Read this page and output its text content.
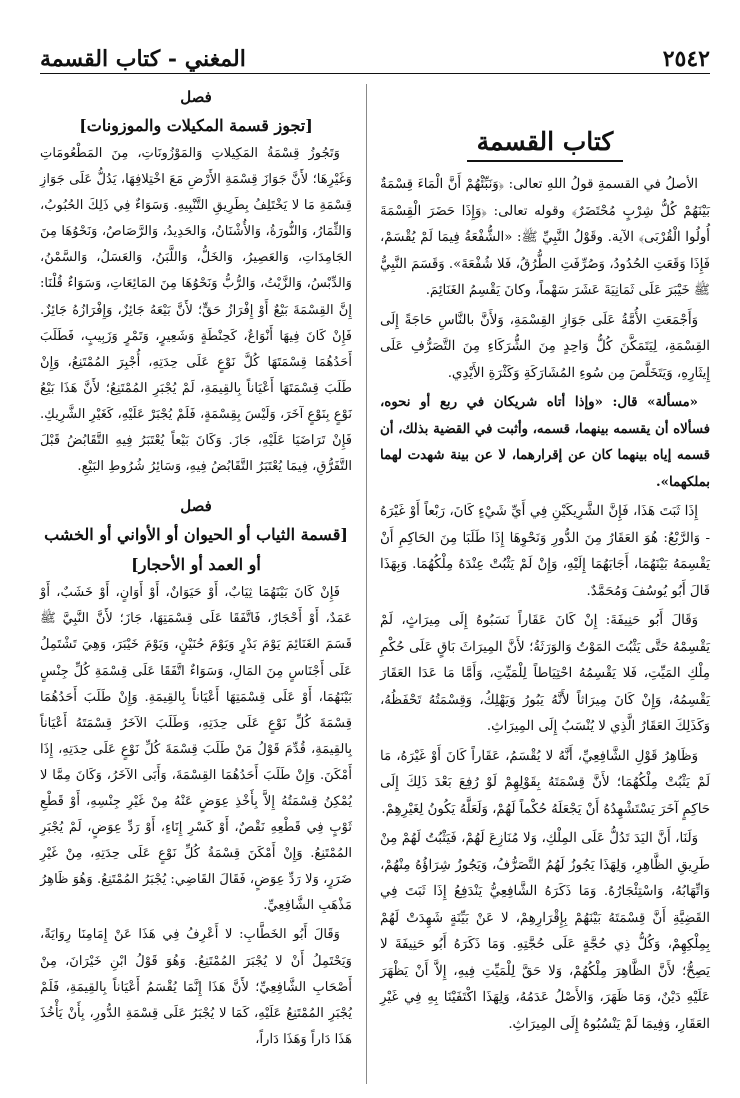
٢٥٤٢
المغني - كتاب القسمة
كتاب القسمة

الأصلُ في القسمةِ قولُ اللهِ تعالى: ﴿وَنَبِّئْهُمْ أَنَّ الْمَاءَ قِسْمَةٌ بَيْنَهُمْ كُلُّ شِرْبٍ مُحْتَضَرٌ﴾ وقوله تعالى: ﴿وَإِذَا حَضَرَ الْقِسْمَةَ أُولُوا الْقُرْبَى﴾ الآية. وقَوْلُ النَّبِيِّ ﷺ: «الشُّفْعَةُ فِيمَا لَمْ يُقْسَمْ، فَإِذَا وَقَعَتِ الحُدُودُ، وَصُرِّفَتِ الطُّرُقُ، فَلا شُفْعَةَ». وَقَسَمَ النَّبِيُّ ﷺ خَيْبَرَ عَلَى ثَمَانِيَةَ عَشَرَ سَهْماً، وكانَ يَقْسِمُ الغَنَائِمَ.

وَأَجْمَعَتِ الأُمَّةُ عَلَى جَوَازِ القِسْمَةِ، وَلأَنَّ بالنَّاسِ حَاجَةً إِلَى القِسْمَةِ، لِيَتَمَكَّنَ كُلُّ وَاحِدٍ مِنَ الشُّرَكَاءِ مِنَ التَّصَرُّفِ عَلَى إِيثَارِهِ، وَيَتَخَلَّصَ مِن سُوءِ المُشَارَكَةِ وَكَثْرَةِ الأَيْدِي.

«مسألة» قال: «وإذا أتاه شريكان في ربع أو نحوه، فسألاه أن يقسمه بينهما، قسمه، وأثبت في القضية بذلك، أن قسمه إياه بينهما كان عن إقرارهما، لا عن بينة شهدت لهما بملكهما».

إِذَا ثَبَتَ هَذَا، فَإِنَّ الشَّرِيكَيْنِ فِي أَيِّ شَيْءٍ كَانَ، رَبْعاً أَوْ غَيْرَهُ - وَالرَّبْعُ: هُوَ العَقَارُ مِنَ الدُّورِ وَنَحْوِهَا إِذَا طَلَبَا مِنَ الحَاكِمِ أَنْ يَقْسِمَهُ بَيْنَهُمَا، أَجَابَهُمَا إِلَيْهِ، وَإِنْ لَمْ يَثْبُتْ عِنْدَهُ مِلْكُهُمَا. وَبِهَذَا قَالَ أَبُو يُوسُفَ وَمُحَمَّدٌ.

وَقَالَ أَبُو حَنِيفَةَ: إِنْ كَانَ عَقَاراً نَسَبُوهُ إِلَى مِيرَاثٍ، لَمْ يَقْسِمْهُ حَتَّى يَثْبُتَ المَوْتُ وَالوَرَثَةُ؛ لأَنَّ المِيرَاثَ بَاقٍ عَلَى حُكْمِ مِلْكِ المَيِّتِ، فَلا يَقْسِمُهُ احْتِيَاطاً لِلْمَيِّتِ، وَأَمَّا مَا عَدَا العَقَارَ يَقْسِمُهُ، وَإِنْ كَانَ مِيرَاثاً لأَنَّهُ يَبُورُ وَيَهْلِكُ، وَقِسْمَتُهُ تَحْفَظُهُ، وَكَذَلِكَ العَقَارُ الَّذِي لا يُنْسَبُ إِلَى المِيرَاثِ.

وَظَاهِرُ قَوْلِ الشَّافِعِيِّ، أَنَّهُ لا يُقْسَمُ، عَقَاراً كَانَ أَوْ غَيْرَهُ، مَا لَمْ يَثْبُتْ مِلْكُهُمَا؛ لأَنَّ قِسْمَتَهُ بِقَوْلِهِمْ لَوْ رُفِعَ بَعْدَ ذَلِكَ إِلَى حَاكِمٍ آخَرَ يَسْتَشْهِدُهُ أَنْ يَجْعَلَهُ حُكْماً لَهُمْ، وَلَعَلَّهُ يَكُونُ لِغَيْرِهِمْ.

وَلَنَا، أَنَّ اليَدَ تَدُلُّ عَلَى المِلْكِ، وَلا مُنَازِعَ لَهُمْ، فَيَثْبُتُ لَهُمْ مِنْ طَرِيقِ الظَّاهِرِ، وَلِهَذَا يَجُوزُ لَهُمُ التَّصَرُّفُ، وَيَجُوزُ شِرَاؤُهُ مِنْهُمْ، وَاتِّهَابُهُ، وَاسْتِئْجَارُهُ. وَمَا ذَكَرَهُ الشَّافِعِيُّ يَنْدَفِعُ إِذَا ثَبَتَ فِي القَضِيَّةِ أَنَّ قِسْمَتَهُ بَيْنَهُمْ بِإِقْرَارِهِمْ، لا عَنْ بَيِّنَةٍ شَهِدَتْ لَهُمْ بِمِلْكِهِمْ، وَكُلُّ ذِي حُجَّةٍ عَلَى حُجَّتِهِ. وَمَا ذَكَرَهُ أَبُو حَنِيفَةَ لا يَصِحُّ؛ لأَنَّ الظَّاهِرَ مِلْكُهُمْ، وَلا حَقَّ لِلْمَيِّتِ فِيهِ، إِلاَّ أَنْ يَظْهَرَ عَلَيْهِ دَيْنٌ، وَمَا ظَهَرَ، وَالأَصْلُ عَدَمُهُ، وَلِهَذَا اكْتَفَيْنَا بِهِ فِي غَيْرِ العَقَارِ، وَفِيمَا لَمْ يَنْسُبُوهُ إِلَى المِيرَاثِ.

فصل
[تجوز قسمة المكيلات والموزونات]

وَتَجُوزُ قِسْمَةُ المَكِيلاتِ وَالمَوْزُونَاتِ، مِنَ المَطْعُومَاتِ وَغَيْرِهَا؛ لأَنَّ جَوَازَ قِسْمَةِ الأَرْضِ مَعَ اخْتِلافِهَا، يَدُلُّ عَلَى جَوَازِ قِسْمَةِ مَا لا يَخْتَلِفُ بِطَرِيقِ التَّنْبِيهِ. وَسَوَاءٌ فِي ذَلِكَ الحُبُوبُ، وَالثِّمَارُ، وَالنُّورَةُ، وَالأُشْنَانُ، وَالحَدِيدُ، وَالرَّصَاصُ، وَنَحْوُهَا مِنَ الجَامِدَاتِ، وَالعَصِيرُ، وَالخَلُّ، وَاللَّبَنُ، وَالعَسَلُ، وَالسَّمْنُ، وَالدِّبْسُ، وَالزَّيْتُ، وَالرُّبُّ وَنَحْوُهَا مِنَ المَائِعَاتِ، وَسَوَاءٌ قُلْنَا: إِنَّ القِسْمَةَ بَيْعٌ أَوْ إِفْرَازُ حَقٍّ؛ لأَنَّ بَيْعَهُ جَائِزٌ، وَإِفْرَازُهُ جَائِزٌ. فَإِنْ كَانَ فِيهَا أَنْوَاعٌ، كَحِنْطَةٍ وَشَعِيرٍ، وَتَمْرٍ وَزَبِيبٍ، فَطَلَبَ أَحَدُهُمَا قِسْمَتَهَا كُلَّ نَوْعٍ عَلَى حِدَتِهِ، أُجْبِرَ المُمْتَنِعُ، وَإِنْ طَلَبَ قِسْمَتَهَا أَعْيَاناً بِالقِيمَةِ، لَمْ يُجْبَرِ المُمْتَنِعُ؛ لأَنَّ هَذَا بَيْعُ نَوْعٍ بِنَوْعٍ آخَرَ، وَلَيْسَ بِقِسْمَةٍ، فَلَمْ يُجْبَرْ عَلَيْهِ، كَغَيْرِ الشَّرِيكِ. فَإِنْ تَرَاضَيَا عَلَيْهِ، جَازَ. وَكَانَ بَيْعاً يُعْتَبَرُ فِيهِ التَّقَابُضُ قَبْلَ التَّفَرُّقِ، فِيمَا يُعْتَبَرُ التَّقَابُضُ فِيهِ، وَسَائِرُ شُرُوطِ البَيْعِ.

فصل
[قسمة الثياب أو الحيوان أو الأواني أو الخشب
أو العمد أو الأحجار]

فَإِنْ كَانَ بَيْنَهُمَا ثِيَابٌ، أَوْ حَيَوَانٌ، أَوْ أَوَانٍ، أَوْ خَشَبٌ، أَوْ عَمَدٌ، أَوْ أَحْجَارٌ، فَاتَّفَقَا عَلَى قِسْمَتِهَا، جَازَ؛ لأَنَّ النَّبِيَّ ﷺ قَسَمَ الغَنَائِمَ يَوْمَ بَدْرٍ وَيَوْمَ حُنَيْنٍ، وَيَوْمَ خَيْبَرَ، وَهِيَ تَشْتَمِلُ عَلَى أَجْنَاسٍ مِنَ المَالِ، وَسَوَاءٌ اتَّفَقَا عَلَى قِسْمَةِ كُلِّ جِنْسٍ بَيْنَهُمَا، أَوْ عَلَى قِسْمَتِهَا أَعْيَاناً بِالقِيمَةِ. وَإِنْ طَلَبَ أَحَدُهُمَا قِسْمَةَ كُلِّ نَوْعٍ عَلَى حِدَتِهِ، وَطَلَبَ الآخَرُ قِسْمَتَهُ أَعْيَاناً بِالقِيمَةِ، قُدِّمَ قَوْلُ مَنْ طَلَبَ قِسْمَةَ كُلِّ نَوْعٍ عَلَى حِدَتِهِ، إِذَا أَمْكَنَ. وَإِنْ طَلَبَ أَحَدُهُمَا القِسْمَةَ، وَأَبَى الآخَرُ، وَكَانَ مِمَّا لا يُمْكِنُ قِسْمَتُهُ إِلاَّ بِأَخْذِ عِوَضٍ عَنْهُ مِنْ غَيْرِ جِنْسِهِ، أَوْ قَطْعِ ثَوْبٍ فِي قَطْعِهِ نَقْصٌ، أَوْ كَسْرِ إِنَاءٍ، أَوْ رَدِّ عِوَضٍ، لَمْ يُجْبَرِ المُمْتَنِعُ. وَإِنْ أَمْكَنَ قِسْمَةُ كُلِّ نَوْعٍ عَلَى حِدَتِهِ، مِنْ غَيْرِ ضَرَرٍ، وَلا رَدِّ عِوَضٍ، فَقَالَ القَاضِي: يُجْبَرُ المُمْتَنِعُ. وَهُوَ ظَاهِرُ مَذْهَبِ الشَّافِعِيِّ.

وَقَالَ أَبُو الخَطَّابِ: لا أَعْرِفُ فِي هَذَا عَنْ إِمَامِنَا رِوَايَةً، وَيَحْتَمِلُ أَنْ لا يُجْبَرَ المُمْتَنِعُ. وَهُوَ قَوْلُ ابْنِ خَيْرَانَ، مِنْ أَصْحَابِ الشَّافِعِيِّ؛ لأَنَّ هَذَا إِنَّمَا يُقْسَمُ أَعْيَاناً بِالقِيمَةِ، فَلَمْ يُجْبَرِ المُمْتَنِعُ عَلَيْهِ، كَمَا لا يُجْبَرُ عَلَى قِسْمَةِ الدُّورِ، بِأَنْ يَأْخُذَ هَذَا دَاراً وَهَذَا دَاراً،
